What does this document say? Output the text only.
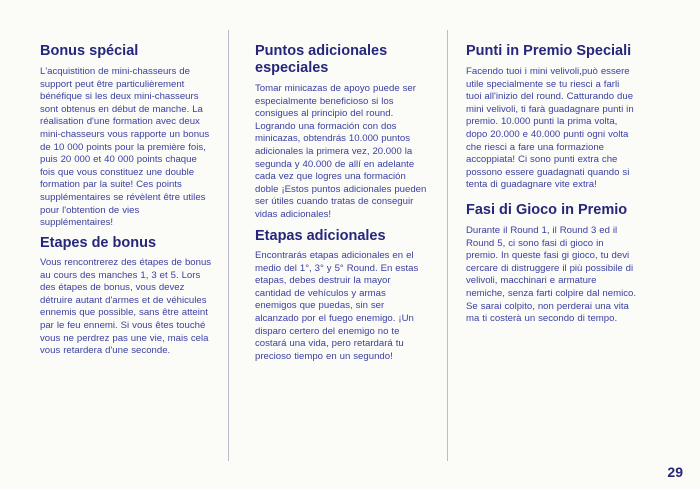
Bonus spécial

L'acquistition de mini-chasseurs de
support peut être particulièrement
bénéfique si les deux mini-chasseurs
sont obtenus en début de manche. La
réalisation d'une formation avec deux
mini-chasseurs vous rapporte un bonus
de 10 000 points pour la première fois,
puis 20 000 et 40 000 points chaque
fois que vous constituez une double
formation par la suite! Ces points
supplémentaires se révèlent être utiles
pour l'obtention de vies
supplémentaires!

Etapes de bonus

Vous rencontrerez des étapes de bonus
au cours des manches 1, 3 et 5. Lors
des étapes de bonus, vous devez
détruire autant d'armes et de véhicules
ennemis que possible, sans être atteint
par le feu ennemi. Si vous êtes touché
vous ne perdrez pas une vie, mais cela
vous retardera d'une seconde.

Puntos adicionales
especiales

Tomar minicazas de apoyo puede ser
especialmente beneficioso si los
consigues al principio del round.
Logrando una formación con dos
minicazas, obtendrás 10.000 puntos
adicionales la primera vez, 20.000 la
segunda y 40.000 de allí en adelante
cada vez que logres una formación
doble ¡Estos puntos adicionales pueden
ser útiles cuando tratas de conseguir
vidas adicionales!

Etapas adicionales

Encontrarás etapas adicionales en el
medio del 1°, 3° y 5° Round. En estas
etapas, debes destruir la mayor
cantidad de vehículos y armas
enemigos que puedas, sin ser
alcanzado por el fuego enemigo. ¡Un
disparo certero del enemigo no te
costará una vida, pero retardará tu
precioso tiempo en un segundo!

Punti in Premio Speciali

Facendo tuoi i mini velivoli,può essere
utile specialmente se tu riesci a farli
tuoi all'inizio del round. Catturando due
mini velivoli, ti farà guadagnare punti in
premio. 10.000 punti la prima volta,
dopo 20.000 e 40.000 punti ogni volta
che riesci a fare una formazione
accoppiata! Ci sono punti extra che
possono essere guadagnati quando si
tenta di guadagnare vite extra!

Fasi di Gioco in Premio

Durante il Round 1, il Round 3 ed il
Round 5, ci sono fasi di gioco in
premio. In queste fasi gi gioco, tu devi
cercare di distruggere il più possibile di
velivoli, macchinari e armature
nemiche, senza farti colpire dal nemico.
Se sarai colpito, non perderai una vita
ma ti costerà un secondo di tempo.

29
